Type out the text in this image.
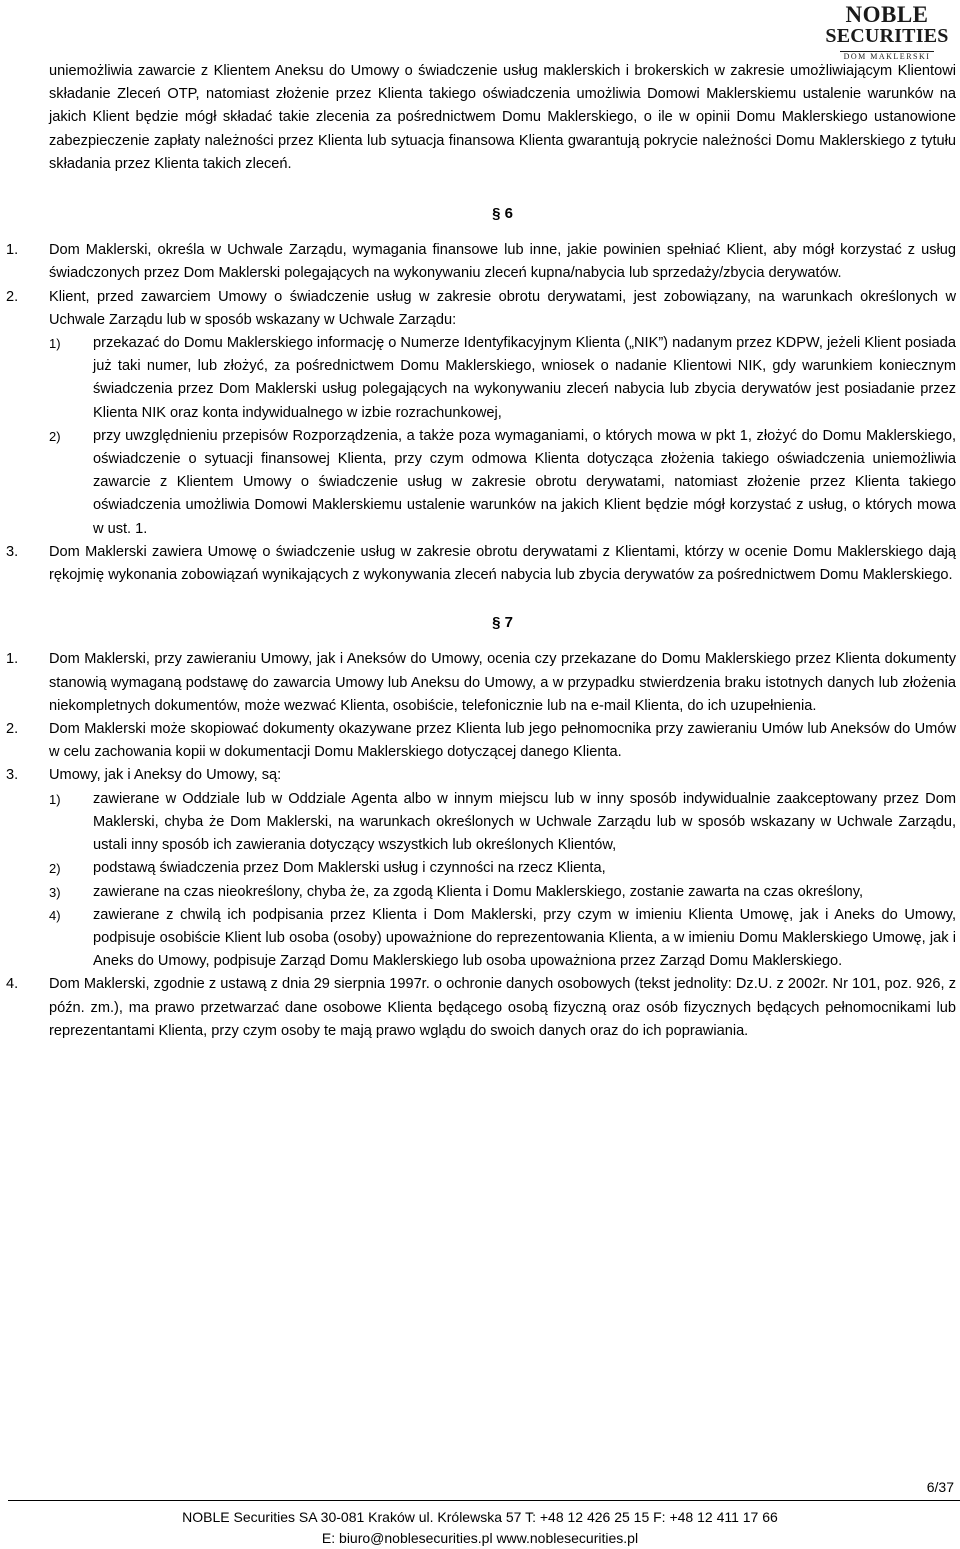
NOBLE
SECURITIES
DOM MAKLERSKI

uniemożliwia zawarcie z Klientem Aneksu do Umowy o świadczenie usług maklerskich i brokerskich w zakresie umożliwiającym Klientowi składanie Zleceń OTP, natomiast złożenie przez Klienta takiego oświadczenia umożliwia Domowi Maklerskiemu ustalenie warunków na jakich Klient będzie mógł składać takie zlecenia za pośrednictwem Domu Maklerskiego, o ile w opinii Domu Maklerskiego ustanowione zabezpieczenie zapłaty należności przez Klienta lub sytuacja finansowa Klienta gwarantują pokrycie należności Domu Maklerskiego z tytułu składania przez Klienta takich zleceń.

§ 6
1.	Dom Maklerski, określa w Uchwale Zarządu, wymagania finansowe lub inne, jakie powinien spełniać Klient, aby mógł korzystać z usług świadczonych przez Dom Maklerski polegających na wykonywaniu zleceń kupna/nabycia lub sprzedaży/zbycia derywatów.
2.	Klient, przed zawarciem Umowy o świadczenie usług w zakresie obrotu derywatami, jest zobowiązany, na warunkach określonych w Uchwale Zarządu lub w sposób wskazany w Uchwale Zarządu:
1)	przekazać do Domu Maklerskiego informację o Numerze Identyfikacyjnym Klienta („NIK”) nadanym przez KDPW, jeżeli Klient posiada już taki numer, lub złożyć, za pośrednictwem Domu Maklerskiego, wniosek o nadanie Klientowi NIK, gdy warunkiem koniecznym świadczenia przez Dom Maklerski usług polegających na wykonywaniu zleceń nabycia lub zbycia derywatów jest posiadanie przez Klienta NIK oraz konta indywidualnego w izbie rozrachunkowej,
2)	przy uwzględnieniu przepisów Rozporządzenia, a także poza wymaganiami, o których mowa w pkt 1, złożyć do Domu Maklerskiego, oświadczenie o sytuacji finansowej Klienta, przy czym odmowa Klienta dotycząca złożenia takiego oświadczenia uniemożliwia zawarcie z Klientem Umowy o świadczenie usług w zakresie obrotu derywatami, natomiast złożenie przez Klienta takiego oświadczenia umożliwia Domowi Maklerskiemu ustalenie warunków na jakich Klient będzie mógł korzystać z usług, o których mowa w ust. 1.
3.	Dom Maklerski zawiera Umowę o świadczenie usług w zakresie obrotu derywatami z Klientami, którzy w ocenie Domu Maklerskiego dają rękojmię wykonania zobowiązań wynikających z wykonywania zleceń nabycia lub zbycia derywatów za pośrednictwem Domu Maklerskiego.
§ 7
1.	Dom Maklerski, przy zawieraniu Umowy, jak i Aneksów do Umowy, ocenia czy przekazane do Domu Maklerskiego przez Klienta dokumenty stanowią wymaganą podstawę do zawarcia Umowy lub Aneksu do Umowy, a w przypadku stwierdzenia braku istotnych danych lub złożenia niekompletnych dokumentów, może wezwać Klienta, osobiście, telefonicznie lub na e-mail Klienta, do ich uzupełnienia.
2.	Dom Maklerski może skopiować dokumenty okazywane przez Klienta lub jego pełnomocnika przy zawieraniu Umów lub Aneksów do Umów w celu zachowania kopii w dokumentacji Domu Maklerskiego dotyczącej danego Klienta.
3.	Umowy, jak i Aneksy do Umowy, są:
1)	zawierane w Oddziale lub w Oddziale Agenta albo w innym miejscu lub w inny sposób indywidualnie zaakceptowany przez Dom Maklerski, chyba że Dom Maklerski, na warunkach określonych w Uchwale Zarządu lub w sposób wskazany w Uchwale Zarządu, ustali inny sposób ich zawierania dotyczący wszystkich lub określonych Klientów,
2)	podstawą świadczenia przez Dom Maklerski usług i czynności na rzecz Klienta,
3)	zawierane na czas nieokreślony, chyba że, za zgodą Klienta i Domu Maklerskiego, zostanie zawarta na czas określony,
4)	zawierane z chwilą ich podpisania przez Klienta i Dom Maklerski, przy czym w imieniu Klienta Umowę, jak i Aneks do Umowy, podpisuje osobiście Klient lub osoba (osoby) upoważnione do reprezentowania Klienta, a w imieniu Domu Maklerskiego Umowę, jak i Aneks do Umowy, podpisuje Zarząd Domu Maklerskiego lub osoba upoważniona przez Zarząd Domu Maklerskiego.
4.	Dom Maklerski, zgodnie z ustawą z dnia 29 sierpnia 1997r. o ochronie danych osobowych (tekst jednolity: Dz.U. z 2002r. Nr 101, poz. 926, z późn. zm.), ma prawo przetwarzać dane osobowe Klienta będącego osobą fizyczną oraz osób fizycznych będących pełnomocnikami lub reprezentantami Klienta, przy czym osoby te mają prawo wglądu do swoich danych oraz do ich poprawiania.
6/37
NOBLE Securities SA 30-081 Kraków ul. Królewska 57 T: +48 12 426 25 15 F: +48 12 411 17 66
E: biuro@noblesecurities.pl www.noblesecurities.pl
